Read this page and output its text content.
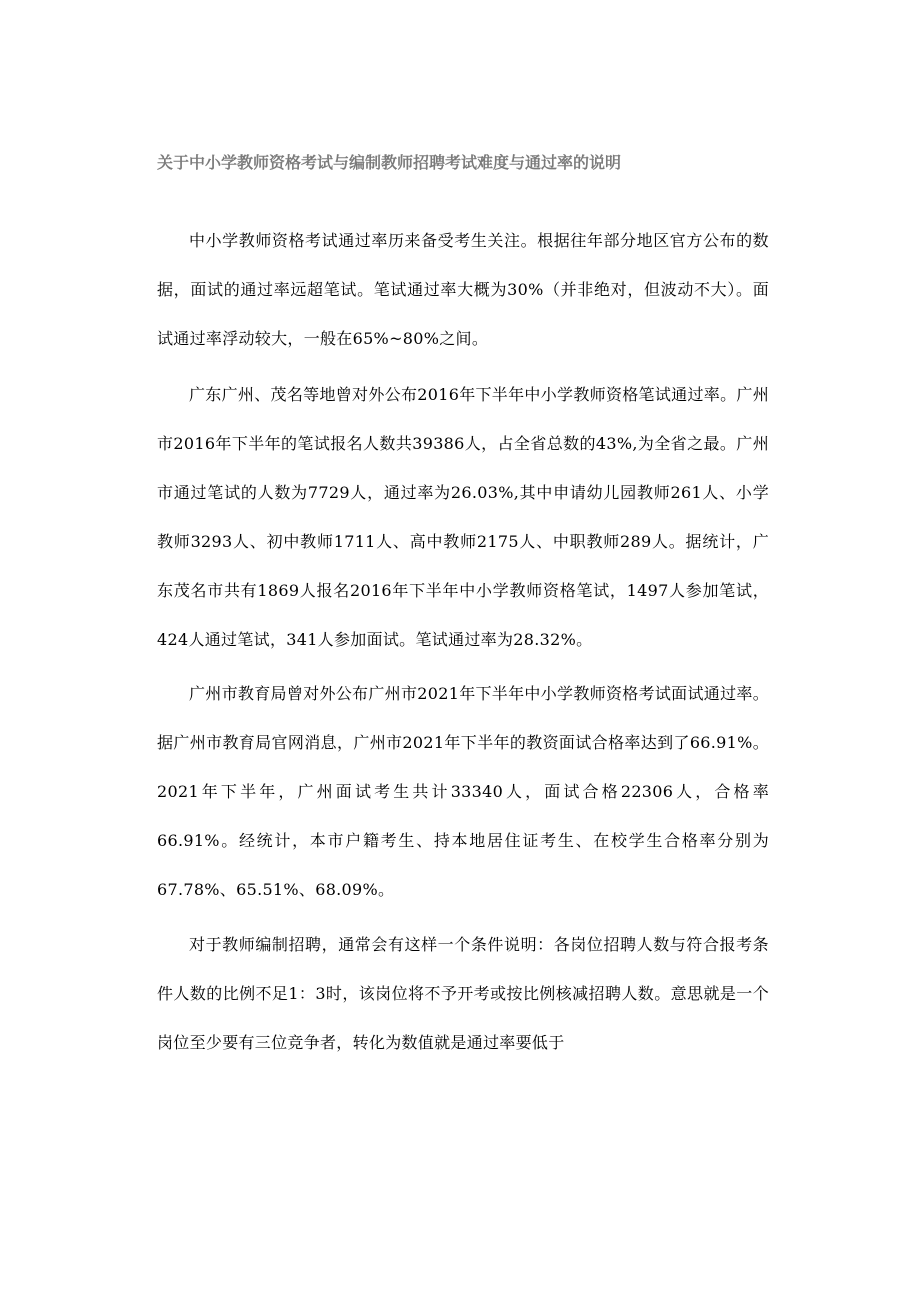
关于中小学教师资格考试与编制教师招聘考试难度与通过率的说明

中小学教师资格考试通过率历来备受考生关注。根据往年部分地区官方公布的数据，面试的通过率远超笔试。笔试通过率大概为30%（并非绝对，但波动不大）。面试通过率浮动较大，一般在65%~80%之间。

广东广州、茂名等地曾对外公布2016年下半年中小学教师资格笔试通过率。广州市2016年下半年的笔试报名人数共39386人，占全省总数的43%,为全省之最。广州市通过笔试的人数为7729人，通过率为26.03%,其中申请幼儿园教师261人、小学教师3293人、初中教师1711人、高中教师2175人、中职教师289人。据统计，广东茂名市共有1869人报名2016年下半年中小学教师资格笔试，1497人参加笔试，424人通过笔试，341人参加面试。笔试通过率为28.32%。

广州市教育局曾对外公布广州市2021年下半年中小学教师资格考试面试通过率。据广州市教育局官网消息，广州市2021年下半年的教资面试合格率达到了66.91%。2021年下半年，广州面试考生共计33340人，面试合格22306人，合格率66.91%。经统计，本市户籍考生、持本地居住证考生、在校学生合格率分别为67.78%、65.51%、68.09%。

对于教师编制招聘，通常会有这样一个条件说明：各岗位招聘人数与符合报考条件人数的比例不足1：3时，该岗位将不予开考或按比例核减招聘人数。意思就是一个岗位至少要有三位竞争者，转化为数值就是通过率要低于
